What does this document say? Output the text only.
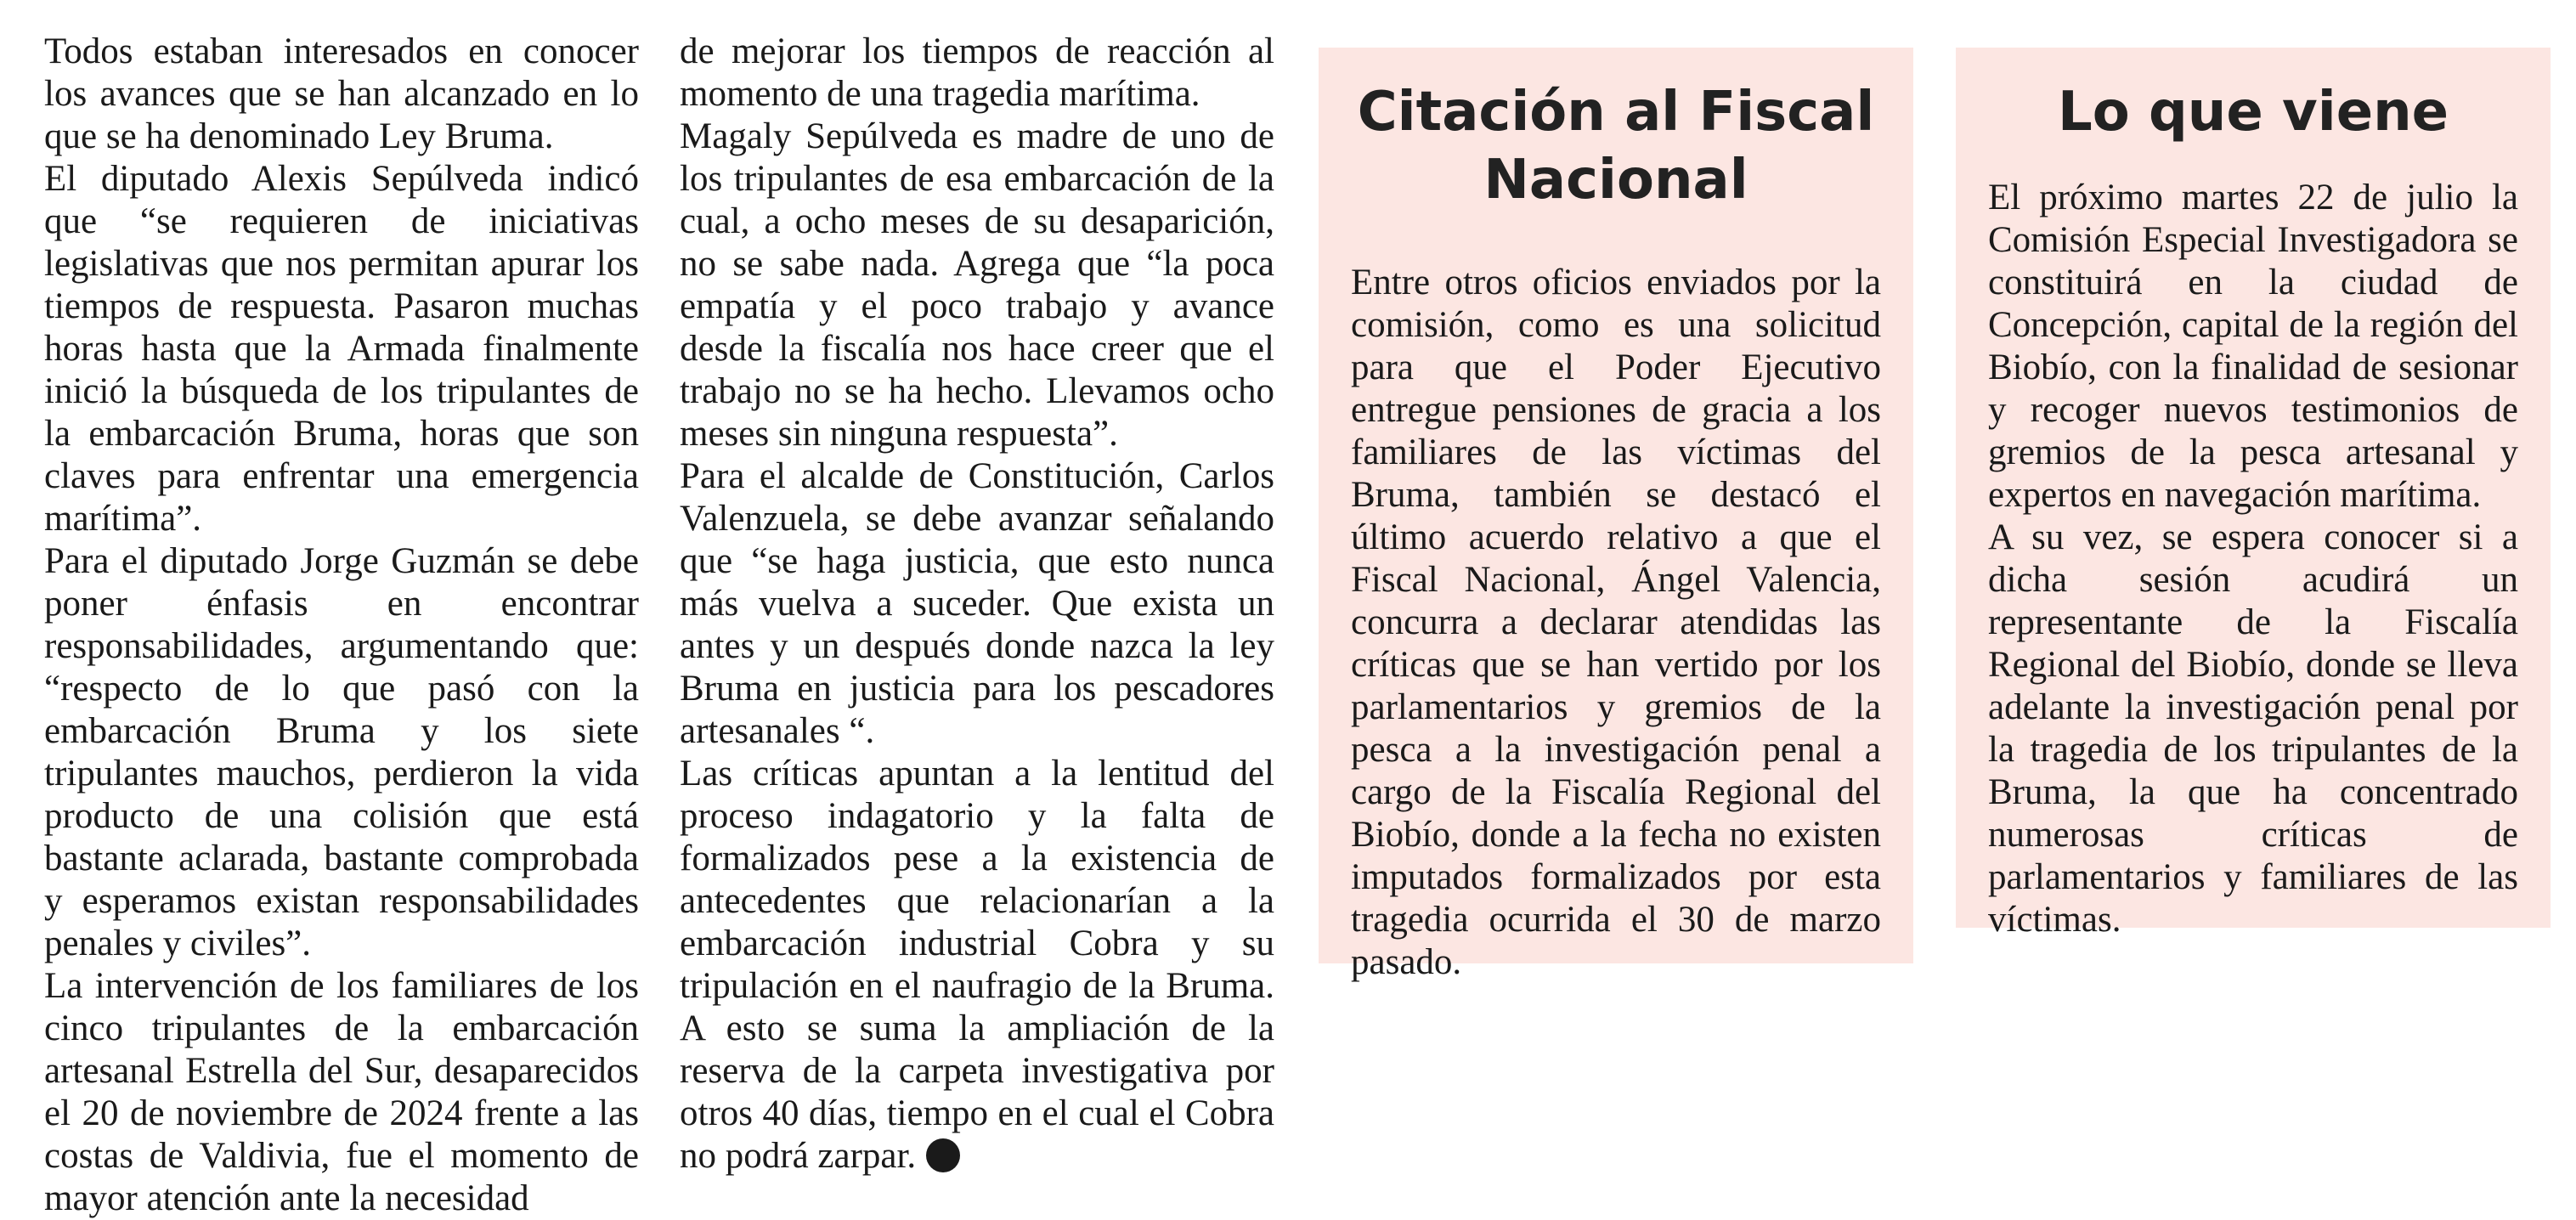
Todos estaban interesados en conocer los avances que se han alcanzado en lo que se ha denominado Ley Bruma.

El diputado Alexis Sepúlveda indicó que “se requieren de iniciativas legislativas que nos permitan apurar los tiempos de respuesta. Pasaron muchas horas hasta que la Armada finalmente inició la búsqueda de los tripulantes de la embarcación Bruma, horas que son claves para enfrentar una emergencia marítima”.

Para el diputado Jorge Guzmán se debe poner énfasis en encontrar responsabilidades, argumentando que: “respecto de lo que pasó con la embarcación Bruma y los siete tripulantes mauchos, perdieron la vida producto de una colisión que está bastante aclarada, bastante comprobada y esperamos existan responsabilidades penales y civiles”.

La intervención de los familiares de los cinco tripulantes de la embarcación artesanal Estrella del Sur, desaparecidos el 20 de noviembre de 2024 frente a las costas de Valdivia, fue el momento de mayor atención ante la necesidad

de mejorar los tiempos de reacción al momento de una tragedia marítima.

Magaly Sepúlveda es madre de uno de los tripulantes de esa embarcación de la cual, a ocho meses de su desaparición, no se sabe nada. Agrega que “la poca empatía y el poco trabajo y avance desde la fiscalía nos hace creer que el trabajo no se ha hecho. Llevamos ocho meses sin ninguna respuesta”.

Para el alcalde de Constitución, Carlos Valenzuela, se debe avanzar señalando que “se haga justicia, que esto nunca más vuelva a suceder. Que exista un antes y un después donde nazca la ley Bruma en justicia para los pescadores artesanales “.

Las críticas apuntan a la lentitud del proceso indagatorio y la falta de formalizados pese a la existencia de antecedentes que relacionarían a la embarcación industrial Cobra y su tripulación en el naufragio de la Bruma. A esto se suma la ampliación de la reserva de la carpeta investigativa por otros 40 días, tiempo en el cual el Cobra no podrá zarpar.

Citación al Fiscal Nacional
Entre otros oficios enviados por la comisión, como es una solicitud para que el Poder Ejecutivo entregue pensiones de gracia a los familiares de las víctimas del Bruma, también se destacó el último acuerdo relativo a que el Fiscal Nacional, Ángel Valencia, concurra a declarar atendidas las críticas que se han vertido por los parlamentarios y gremios de la pesca a la investigación penal a cargo de la Fiscalía Regional del Biobío, donde a la fecha no existen imputados formalizados por esta tragedia ocurrida el 30 de marzo pasado.
Lo que viene
El próximo martes 22 de julio la Comisión Especial Investigadora se constituirá en la ciudad de Concepción, capital de la región del Biobío, con la finalidad de sesionar y recoger nuevos testimonios de gremios de la pesca artesanal y expertos en navegación marítima.
A su vez, se espera conocer si a dicha sesión acudirá un representante de la Fiscalía Regional del Biobío, donde se lleva adelante la investigación penal por la tragedia de los tripulantes de la Bruma, la que ha concentrado numerosas críticas de parlamentarios y familiares de las víctimas.
